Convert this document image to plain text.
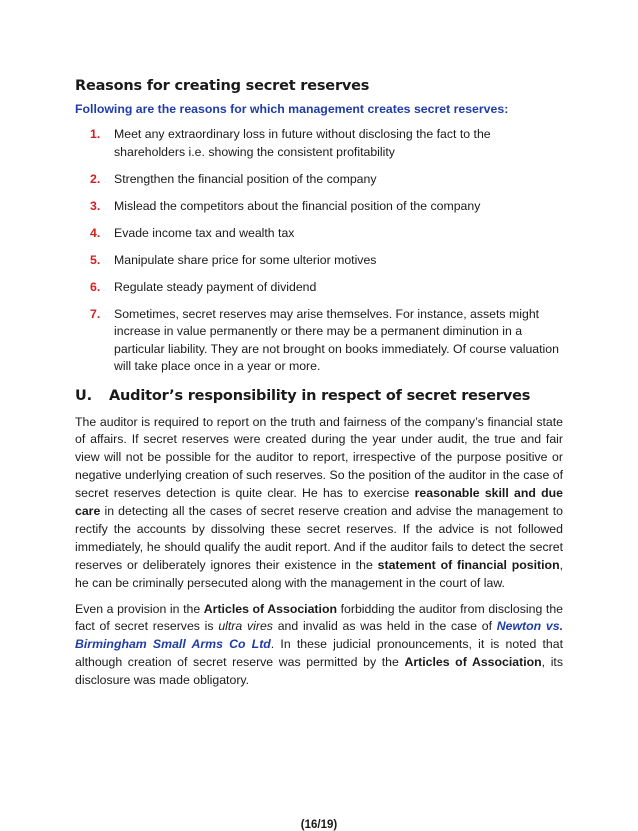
Reasons for creating secret reserves

Following are the reasons for which management creates secret reserves:

1. Meet any extraordinary loss in future without disclosing the fact to the shareholders i.e. showing the consistent profitability
2. Strengthen the financial position of the company
3. Mislead the competitors about the financial position of the company
4. Evade income tax and wealth tax
5. Manipulate share price for some ulterior motives
6. Regulate steady payment of dividend
7. Sometimes, secret reserves may arise themselves. For instance, assets might increase in value permanently or there may be a permanent diminution in a particular liability. They are not brought on books immediately. Of course valuation will take place once in a year or more.
U.	Auditor’s responsibility in respect of secret reserves

The auditor is required to report on the truth and fairness of the company’s financial state of affairs. If secret reserves were created during the year under audit, the true and fair view will not be possible for the auditor to report, irrespective of the purpose positive or negative underlying creation of such reserves. So the position of the auditor in the case of secret reserves detection is quite clear. He has to exercise reasonable skill and due care in detecting all the cases of secret reserve creation and advise the management to rectify the accounts by dissolving these secret reserves. If the advice is not followed immediately, he should qualify the audit report. And if the auditor fails to detect the secret reserves or deliberately ignores their existence in the statement of financial position, he can be criminally persecuted along with the management in the court of law.

Even a provision in the Articles of Association forbidding the auditor from disclosing the fact of secret reserves is ultra vires and invalid as was held in the case of Newton vs. Birmingham Small Arms Co Ltd. In these judicial pronouncements, it is noted that although creation of secret reserve was permitted by the Articles of Association, its disclosure was made obligatory.

(16/19)
